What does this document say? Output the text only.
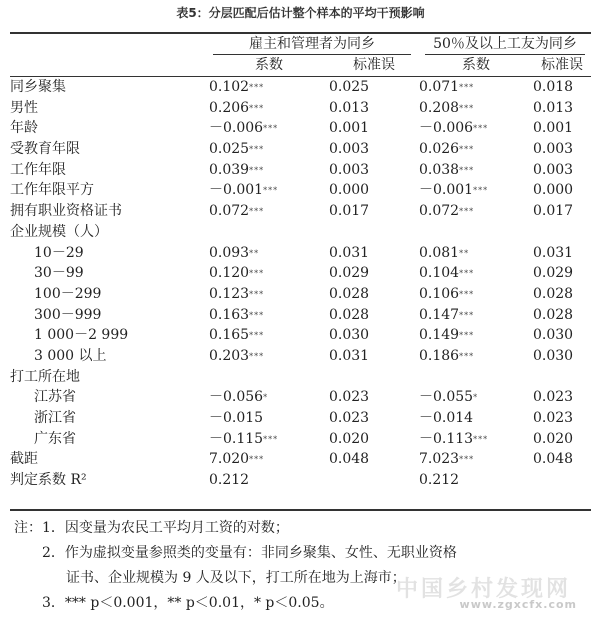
表5：分层匹配后估计整个样本的平均干预影响

	雇主和管理者为同乡		50％及以上工友为同乡	

	系数	标准误	系数	标准误
同乡聚集	0.102***	0.025	0.071***	0.018
男性	0.206***	0.013	0.208***	0.013
年龄	－0.006***	0.001	－0.006***	0.001
受教育年限	0.025***	0.003	0.026***	0.003
工作年限	0.039***	0.003	0.038***	0.003
工作年限平方	－0.001***	0.000	－0.001***	0.000
拥有职业资格证书	0.072***	0.017	0.072***	0.017
企业规模（人）				
10－29	0.093**	0.031	0.081**	0.031
30－99	0.120***	0.029	0.104***	0.029
100－299	0.123***	0.028	0.106***	0.028
300－999	0.163***	0.028	0.147***	0.028
1 000－2 999	0.165***	0.030	0.149***	0.030
3 000 以上	0.203***	0.031	0.186***	0.030
打工所在地				
江苏省	－0.056*	0.023	－0.055*	0.023
浙江省	－0.015	0.023	－0.014	0.023
广东省	－0.115***	0.020	－0.113***	0.020
截距	7.020***	0.048	7.023***	0.048
判定系数 R²	0.212		0.212	
注：1．因变量为农民工平均月工资的对数；
2．作为虚拟变量参照类的变量有：非同乡聚集、女性、无职业资格
证书、企业规模为 9 人及以下，打工所在地为上海市；
3．*** p＜0.001，** p＜0.01，* p＜0.05。
中国乡村发现网
www.zgxcfx.com
